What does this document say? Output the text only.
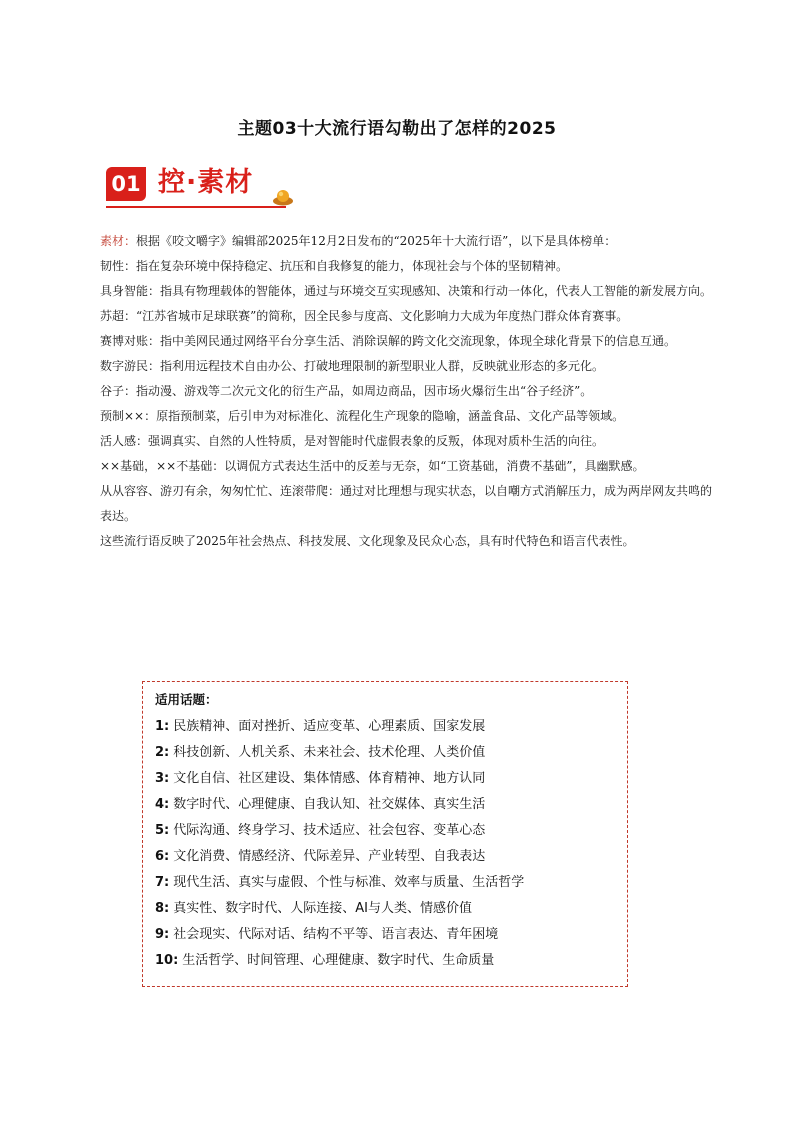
主题03十大流行语勾勒出了怎样的2025
01 控·素材

素材：根据《咬文嚼字》编辑部2025年12月2日发布的“2025年十大流行语”，以下是具体榜单：

韧性：指在复杂环境中保持稳定、抗压和自我修复的能力，体现社会与个体的坚韧精神。

具身智能：指具有物理载体的智能体，通过与环境交互实现感知、决策和行动一体化，代表人工智能的新发展方向。

苏超：“江苏省城市足球联赛”的简称，因全民参与度高、文化影响力大成为年度热门群众体育赛事。

赛博对账：指中美网民通过网络平台分享生活、消除误解的跨文化交流现象，体现全球化背景下的信息互通。

数字游民：指利用远程技术自由办公、打破地理限制的新型职业人群，反映就业形态的多元化。

谷子：指动漫、游戏等二次元文化的衍生产品，如周边商品，因市场火爆衍生出“谷子经济”。

预制××：原指预制菜，后引申为对标准化、流程化生产现象的隐喻，涵盖食品、文化产品等领域。

活人感：强调真实、自然的人性特质，是对智能时代虚假表象的反叛，体现对质朴生活的向往。

××基础，××不基础：以调侃方式表达生活中的反差与无奈，如“工资基础，消费不基础”，具幽默感。

从从容容、游刃有余，匆匆忙忙、连滚带爬：通过对比理想与现实状态，以自嘲方式消解压力，成为两岸网友共鸣的表达。

这些流行语反映了2025年社会热点、科技发展、文化现象及民众心态，具有时代特色和语言代表性。

适用话题：
1: 民族精神、面对挫折、适应变革、心理素质、国家发展
2: 科技创新、人机关系、未来社会、技术伦理、人类价值
3: 文化自信、社区建设、集体情感、体育精神、地方认同
4: 数字时代、心理健康、自我认知、社交媒体、真实生活
5: 代际沟通、终身学习、技术适应、社会包容、变革心态
6: 文化消费、情感经济、代际差异、产业转型、自我表达
7: 现代生活、真实与虚假、个性与标准、效率与质量、生活哲学
8: 真实性、数字时代、人际连接、AI与人类、情感价值
9: 社会现实、代际对话、结构不平等、语言表达、青年困境
10: 生活哲学、时间管理、心理健康、数字时代、生命质量
